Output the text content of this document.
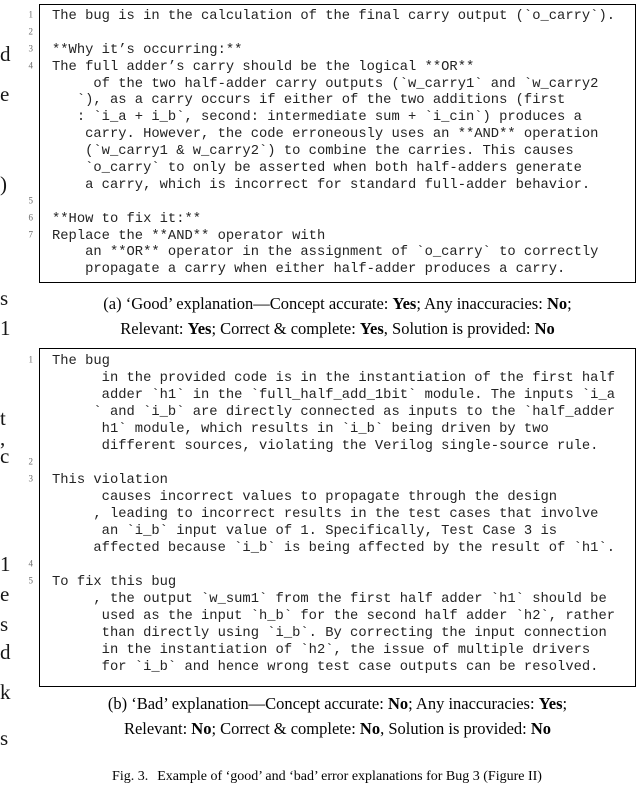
d
e
)
s
1
t
,
c
1
e
s
d
k
s
1 The bug is in the calculation of the final carry output (`o_carry`).
2
3 **Why it’s occurring:**
4 The full adder’s carry should be the logical **OR**
of the two half-adder carry outputs (`w_carry1` and `w_carry2
`), as a carry occurs if either of the two additions (first
: `i_a + i_b`, second: intermediate sum + `i_cin`) produces a
carry. However, the code erroneously uses an **AND** operation
(`w_carry1 & w_carry2`) to combine the carries. This causes
`o_carry` to only be asserted when both half-adders generate
a carry, which is incorrect for standard full-adder behavior.
5
6 **How to fix it:**
7 Replace the **AND** operator with
an **OR** operator in the assignment of `o_carry` to correctly
propagate a carry when either half-adder produces a carry.
(a) ‘Good’ explanation—Concept accurate: Yes; Any inaccuracies: No;
Relevant: Yes; Correct & complete: Yes, Solution is provided: No
1 The bug
in the provided code is in the instantiation of the first half
adder `h1` in the `full_half_add_1bit` module. The inputs `i_a
` and `i_b` are directly connected as inputs to the `half_adder
h1` module, which results in `i_b` being driven by two
different sources, violating the Verilog single-source rule.
2
3 This violation
causes incorrect values to propagate through the design
, leading to incorrect results in the test cases that involve
an `i_b` input value of 1. Specifically, Test Case 3 is
affected because `i_b` is being affected by the result of `h1`.
4
5 To fix this bug
, the output `w_sum1` from the first half adder `h1` should be
used as the input `h_b` for the second half adder `h2`, rather
than directly using `i_b`. By correcting the input connection
in the instantiation of `h2`, the issue of multiple drivers
for `i_b` and hence wrong test case outputs can be resolved.
(b) ‘Bad’ explanation—Concept accurate: No; Any inaccuracies: Yes;
Relevant: No; Correct & complete: No, Solution is provided: No

Fig. 3. Example of ‘good’ and ‘bad’ error explanations for Bug 3 (Figure II)
